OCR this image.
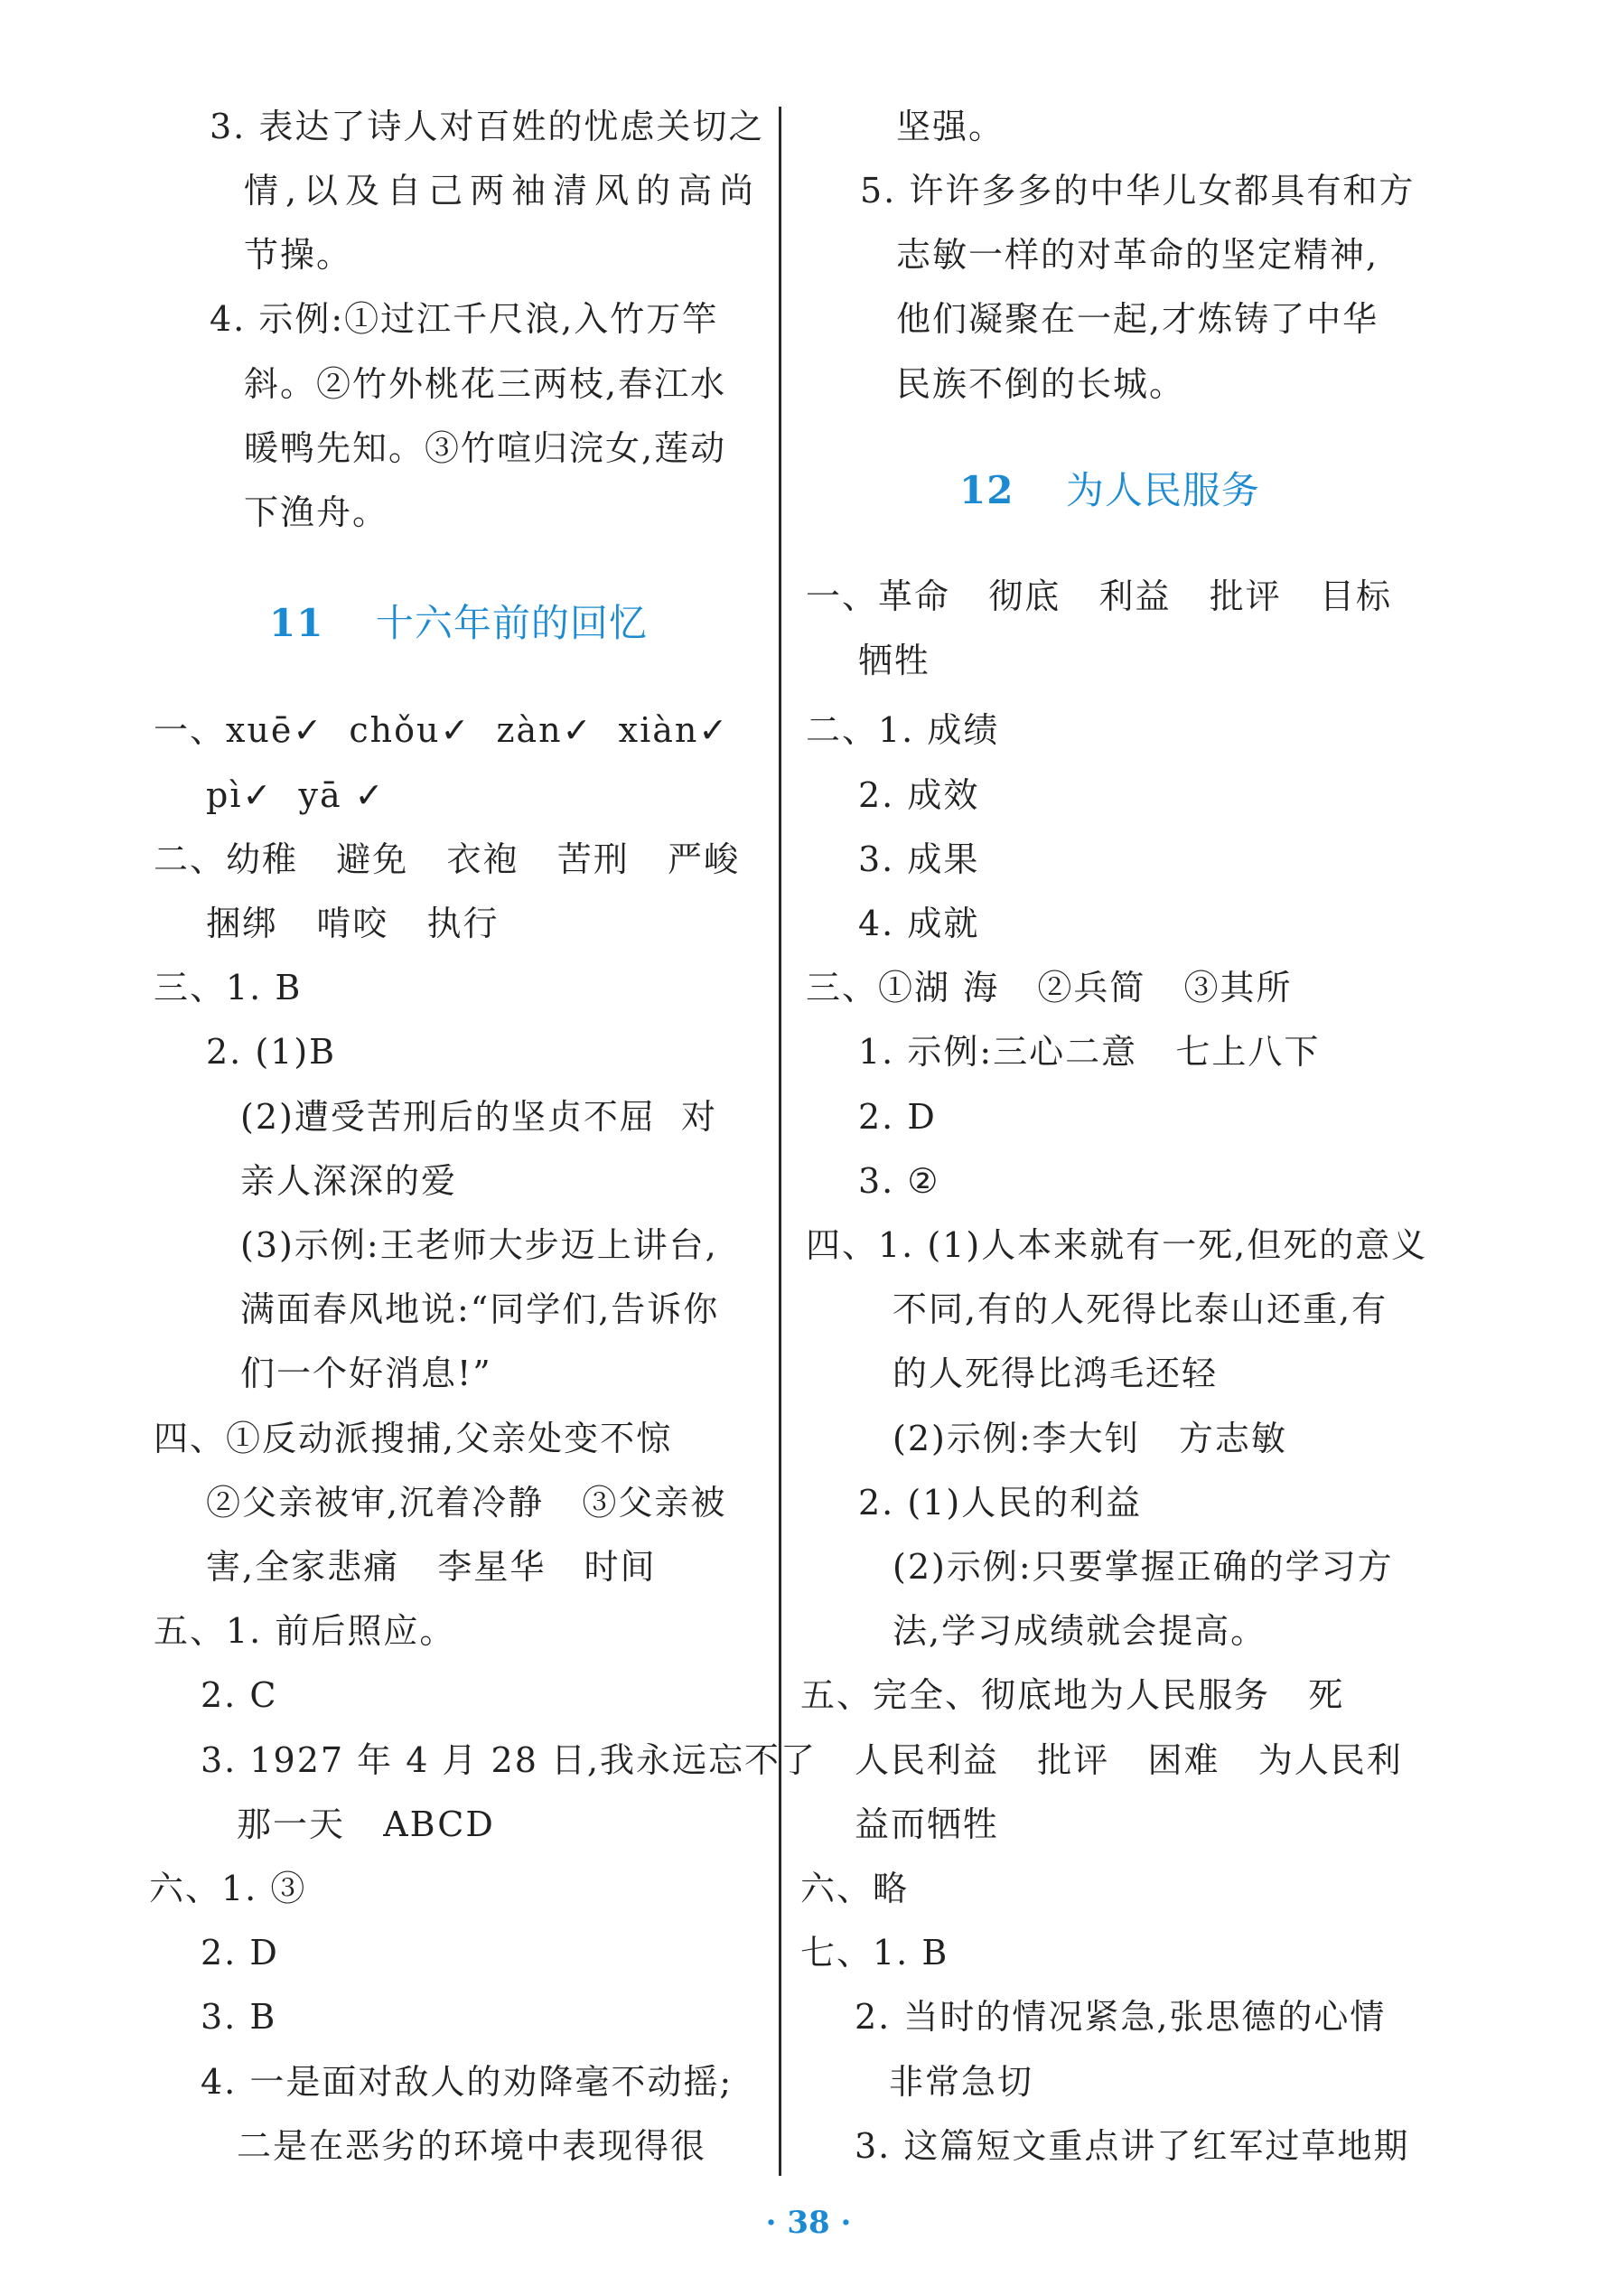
3. 表达了诗人对百姓的忧虑关切之
情,以及自己两袖清风的高尚
节操。
4. 示例:①过江千尺浪,入竹万竿
斜。②竹外桃花三两枝,春江水
暖鸭先知。③竹喧归浣女,莲动
下渔舟。
11 十六年前的回忆
一、xuē✓  chǒu✓  zàn✓  xiàn✓
pì✓  yā ✓
二、幼稚   避免   衣袍   苦刑   严峻
捆绑   啃咬   执行
三、1. B
2. (1)B
(2)遭受苦刑后的坚贞不屈  对
亲人深深的爱
(3)示例:王老师大步迈上讲台,
满面春风地说:“同学们,告诉你
们一个好消息!”
四、①反动派搜捕,父亲处变不惊
②父亲被审,沉着冷静   ③父亲被
害,全家悲痛   李星华   时间
五、1. 前后照应。
2. C
3. 1927 年 4 月 28 日,我永远忘不了
那一天   ABCD
六、1. ③
2. D
3. B
4. 一是面对敌人的劝降毫不动摇;
二是在恶劣的环境中表现得很
坚强。
5. 许许多多的中华儿女都具有和方
志敏一样的对革命的坚定精神,
他们凝聚在一起,才炼铸了中华
民族不倒的长城。
12 为人民服务
一、革命   彻底   利益   批评   目标
牺牲
二、1. 成绩
2. 成效
3. 成果
4. 成就
三、①湖 海   ②兵简   ③其所
1. 示例:三心二意   七上八下
2. D
3. ②
四、1. (1)人本来就有一死,但死的意义
不同,有的人死得比泰山还重,有
的人死得比鸿毛还轻
(2)示例:李大钊   方志敏
2. (1)人民的利益
(2)示例:只要掌握正确的学习方
法,学习成绩就会提高。
五、完全、彻底地为人民服务   死
人民利益   批评   困难   为人民利
益而牺牲
六、略
七、1. B
2. 当时的情况紧急,张思德的心情
非常急切
3. 这篇短文重点讲了红军过草地期
· 38 ·
